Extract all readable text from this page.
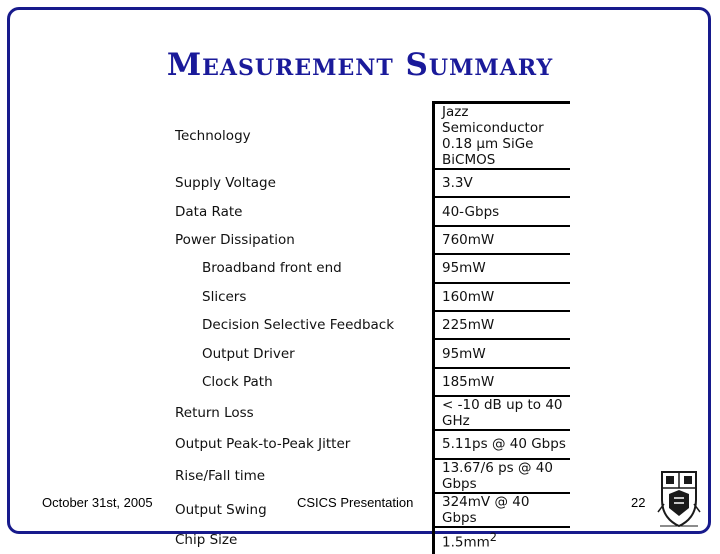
Measurement Summary
Technology	Jazz Semiconductor
0.18 µm SiGe BiCMOS

Supply Voltage	3.3V
Data Rate	40-Gbps
Power Dissipation	760mW
Broadband front end	95mW
Slicers	160mW
Decision Selective Feedback	225mW
Output Driver	95mW
Clock Path	185mW
Return Loss	< -10 dB up to 40 GHz
Output Peak-to-Peak Jitter	5.11ps @ 40 Gbps
Rise/Fall time	13.67/6 ps @ 40 Gbps
Output Swing	324mV @ 40 Gbps
Chip Size	$1.5mm^2$
October 31st, 2005	CSICS Presentation	22
